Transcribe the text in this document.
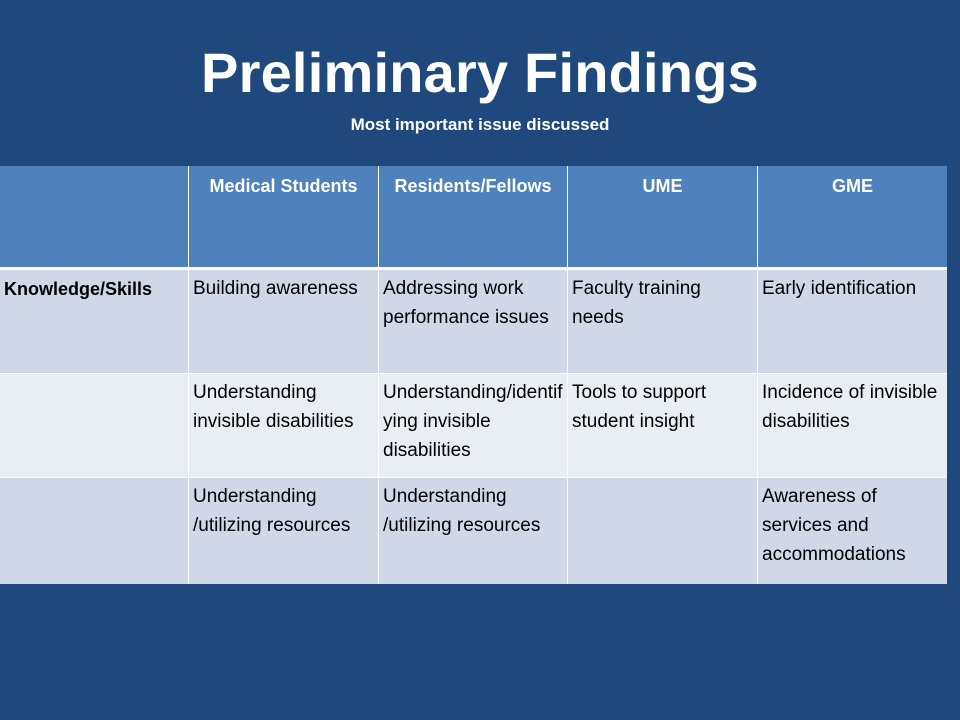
Preliminary Findings
Most important issue discussed
	Medical Students	Residents/Fellows	UME	GME
Knowledge/Skills	Building awareness	Addressing work performance issues	Faculty training needs	Early identification
	Understanding invisible disabilities	Understanding/identifying invisible disabilities	Tools to support student insight	Incidence of invisible disabilities
	Understanding /utilizing resources	Understanding /utilizing resources		Awareness of services and accommodations
